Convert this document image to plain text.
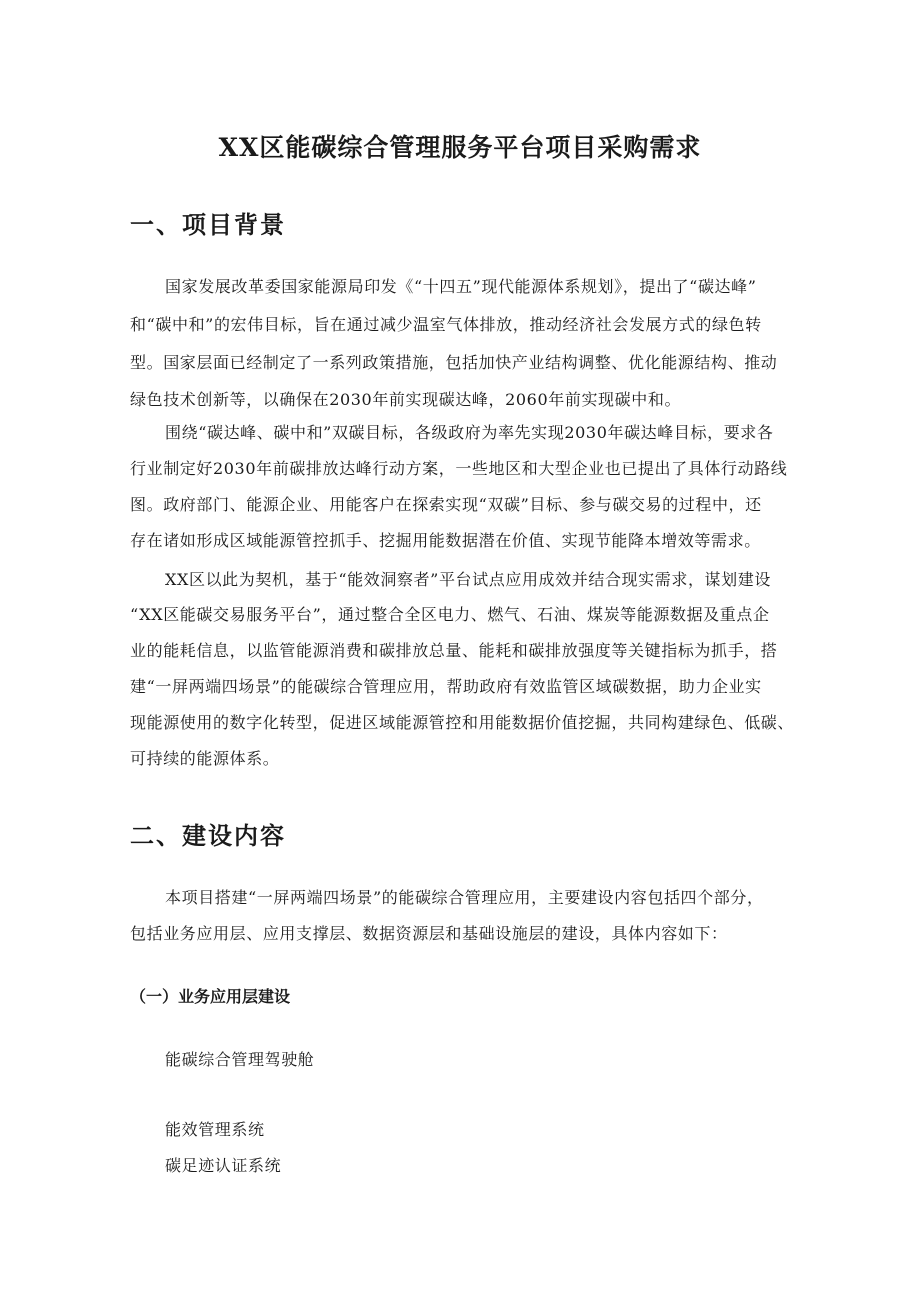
XX区能碳综合管理服务平台项目采购需求
一、项目背景

国家发展改革委国家能源局印发《“十四五”现代能源体系规划》，提出了“碳达峰”

和“碳中和”的宏伟目标，旨在通过减少温室气体排放，推动经济社会发展方式的绿色转

型。国家层面已经制定了一系列政策措施，包括加快产业结构调整、优化能源结构、推动

绿色技术创新等，以确保在2030年前实现碳达峰，2060年前实现碳中和。

围绕“碳达峰、碳中和”双碳目标，各级政府为率先实现2030年碳达峰目标，要求各

行业制定好2030年前碳排放达峰行动方案，一些地区和大型企业也已提出了具体行动路线

图。政府部门、能源企业、用能客户在探索实现“双碳”目标、参与碳交易的过程中，还

存在诸如形成区域能源管控抓手、挖掘用能数据潜在价值、实现节能降本增效等需求。

XX区以此为契机，基于“能效洞察者”平台试点应用成效并结合现实需求，谋划建设

“XX区能碳交易服务平台”，通过整合全区电力、燃气、石油、煤炭等能源数据及重点企

业的能耗信息，以监管能源消费和碳排放总量、能耗和碳排放强度等关键指标为抓手，搭

建“一屏两端四场景”的能碳综合管理应用，帮助政府有效监管区域碳数据，助力企业实

现能源使用的数字化转型，促进区域能源管控和用能数据价值挖掘，共同构建绿色、低碳、

可持续的能源体系。

二、建设内容

本项目搭建“一屏两端四场景”的能碳综合管理应用，主要建设内容包括四个部分，

包括业务应用层、应用支撑层、数据资源层和基础设施层的建设，具体内容如下：

（一）业务应用层建设

能碳综合管理驾驶舱

能效管理系统

碳足迹认证系统
